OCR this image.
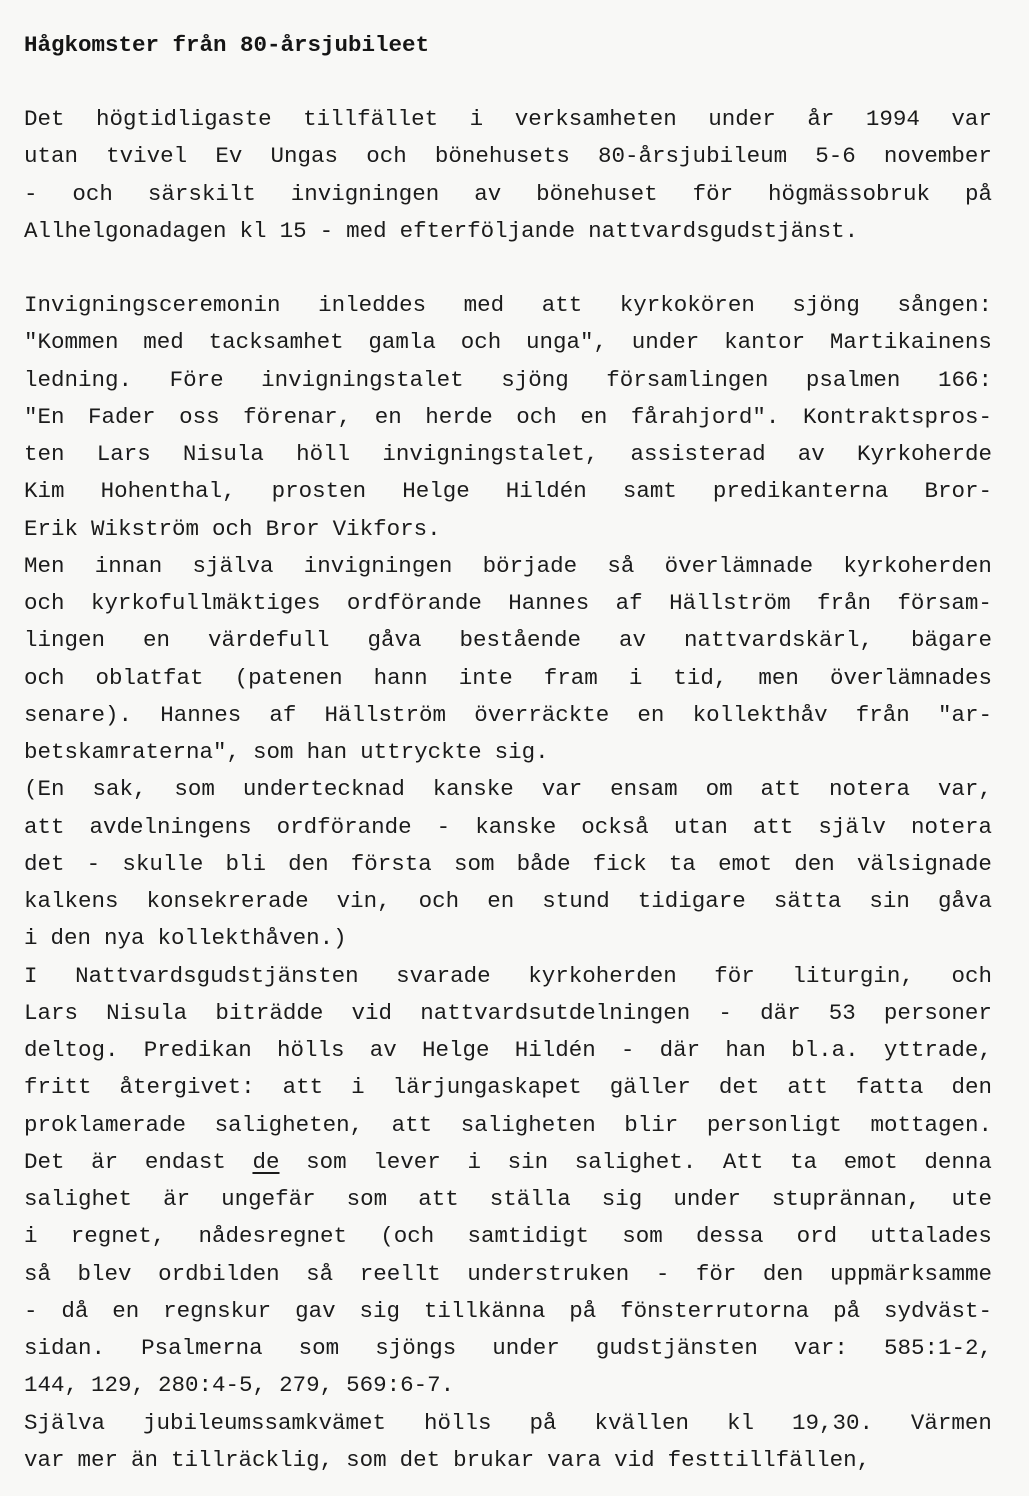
Hågkomster från 80-årsjubileet
Det högtidligaste tillfället i verksamheten under år 1994 var
utan tvivel Ev Ungas och bönehusets 80-årsjubileum 5-6 november
- och särskilt invigningen av bönehuset för högmässobruk på
Allhelgonadagen kl 15 - med efterföljande nattvardsgudstjänst.
Invigningsceremonin inleddes med att kyrkokören sjöng sången:
"Kommen med tacksamhet gamla och unga", under kantor Martikainens
ledning. Före invigningstalet sjöng församlingen psalmen 166:
"En Fader oss förenar, en herde och en fårahjord". Kontraktspros-
ten Lars Nisula höll invigningstalet, assisterad av Kyrkoherde
Kim Hohenthal, prosten Helge Hildén samt predikanterna Bror-
Erik Wikström och Bror Vikfors.
Men innan själva invigningen började så överlämnade kyrkoherden
och kyrkofullmäktiges ordförande Hannes af Hällström från försam-
lingen en värdefull gåva bestående av nattvardskärl, bägare
och oblatfat (patenen hann inte fram i tid, men överlämnades
senare). Hannes af Hällström överräckte en kollekthåv från "ar-
betskamraterna", som han uttryckte sig.
(En sak, som undertecknad kanske var ensam om att notera var,
att avdelningens ordförande - kanske också utan att själv notera
det - skulle bli den första som både fick ta emot den välsignade
kalkens konsekrerade vin, och en stund tidigare sätta sin gåva
i den nya kollekthåven.)
I Nattvardsgudstjänsten svarade kyrkoherden för liturgin, och
Lars Nisula biträdde vid nattvardsutdelningen - där 53 personer
deltog. Predikan hölls av Helge Hildén - där han bl.a. yttrade,
fritt återgivet: att i lärjungaskapet gäller det att fatta den
proklamerade saligheten, att saligheten blir personligt mottagen.
Det är endast de som lever i sin salighet. Att ta emot denna
salighet är ungefär som att ställa sig under stuprännan, ute
i regnet, nådesregnet (och samtidigt som dessa ord uttalades
så blev ordbilden så reellt understruken - för den uppmärksamme
- då en regnskur gav sig tillkänna på fönsterrutorna på sydväst-
sidan. Psalmerna som sjöngs under gudstjänsten var: 585:1-2,
144, 129, 280:4-5, 279, 569:6-7.
Själva jubileumssamkvämet hölls på kvällen kl 19,30. Värmen
var mer än tillräcklig, som det brukar vara vid festtillfällen,
